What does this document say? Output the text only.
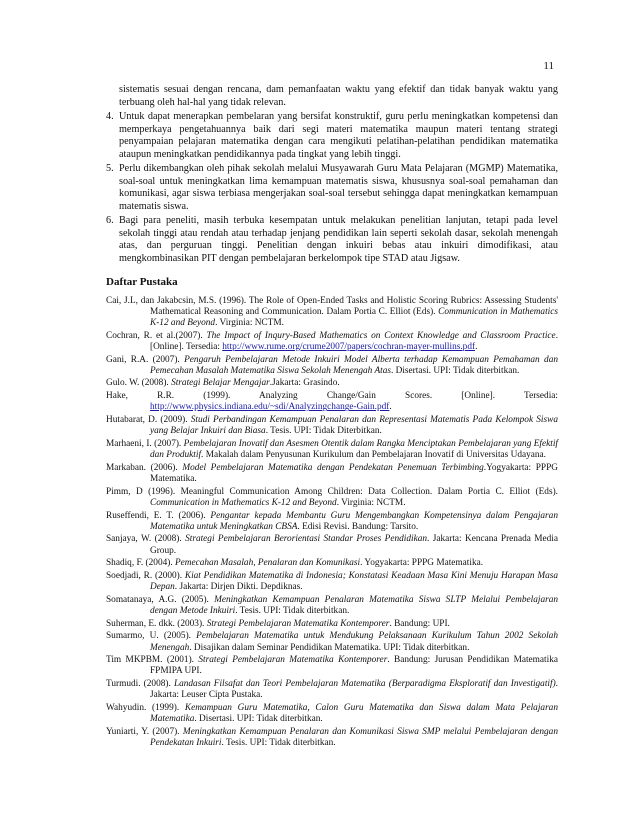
11

sistematis sesuai dengan rencana, dam pemanfaatan waktu yang efektif dan tidak banyak waktu yang terbuang oleh hal-hal yang tidak relevan.

4. Untuk dapat menerapkan pembelaran yang bersifat konstruktif, guru perlu meningkatkan kompetensi dan memperkaya pengetahuannya baik dari segi materi matematika maupun materi tentang strategi penyampaian pelajaran matematika dengan cara mengikuti pelatihan-pelatihan pendidikan matematika ataupun meningkatkan pendidikannya pada tingkat yang lebih tinggi.
5. Perlu dikembangkan oleh pihak sekolah melalui Musyawarah Guru Mata Pelajaran (MGMP) Matematika, soal-soal untuk meningkatkan lima kemampuan matematis siswa, khususnya soal-soal pemahaman dan komunikasi, agar siswa terbiasa mengerjakan soal-soal tersebut sehingga dapat meningkatkan kemampuan matematis siswa.
6. Bagi para peneliti, masih terbuka kesempatan untuk melakukan penelitian lanjutan, tetapi pada level sekolah tinggi atau rendah atau terhadap jenjang pendidikan lain seperti sekolah dasar, sekolah menengah atas, dan perguruan tinggi. Penelitian dengan inkuiri bebas atau inkuiri dimodifikasi, atau mengkombinasikan PIT dengan pembelajaran berkelompok tipe STAD atau Jigsaw.
Daftar Pustaka

Cai, J.L, dan Jakabcsin, M.S. (1996). The Role of Open-Ended Tasks and Holistic Scoring Rubrics: Assessing Students' Mathematical Reasoning and Communication. Dalam Portia C. Elliot (Eds). Communication in Mathematics K-12 and Beyond. Virginia: NCTM.

Cochran, R. et al.(2007). The Impact of Inqury-Based Mathematics on Context Knowledge and Classroom Practice.[Online]. Tersedia: http://www.rume.org/crume2007/papers/cochran-mayer-mullins.pdf.

Gani, R.A. (2007). Pengaruh Pembelajaran Metode Inkuiri Model Alberta terhadap Kemampuan Pemahaman dan Pemecahan Masalah Matematika Siswa Sekolah Menengah Atas. Disertasi. UPI: Tidak diterbitkan.

Gulo. W. (2008). Strategi Belajar Mengajar.Jakarta: Grasindo.

Hake, R.R. (1999). Analyzing Change/Gain Scores. [Online]. Tersedia: http://www.physics.indiana.edu/~sdi/Analyzingchange-Gain.pdf.

Hutabarat, D. (2009). Studi Perbandingan Kemampuan Penalaran dan Representasi Matematis Pada Kelompok Siswa yang Belajar Inkuiri dan Biasa. Tesis. UPI: Tidak Diterbitkan.

Marhaeni, I. (2007). Pembelajaran Inovatif dan Asesmen Otentik dalam Rangka Menciptakan Pembelajaran yang Efektif dan Produktif. Makalah dalam Penyusunan Kurikulum dan Pembelajaran Inovatif di Universitas Udayana.

Markaban. (2006). Model Pembelajaran Matematika dengan Pendekatan Penemuan Terbimbing.Yogyakarta: PPPG Matematika.

Pimm, D (1996). Meaningful Communication Among Children: Data Collection. Dalam Portia C. Elliot (Eds). Communication in Mathematics K-12 and Beyond. Virginia: NCTM.

Ruseffendi, E. T. (2006). Pengantar kepada Membantu Guru Mengembangkan Kompetensinya dalam Pengajaran Matematika untuk Meningkatkan CBSA. Edisi Revisi. Bandung: Tarsito.

Sanjaya, W. (2008). Strategi Pembelajaran Berorientasi Standar Proses Pendidikan. Jakarta: Kencana Prenada Media Group.

Shadiq, F. (2004). Pemecahan Masalah, Penalaran dan Komunikasi. Yogyakarta: PPPG Matematika.

Soedjadi, R. (2000). Kiat Pendidikan Matematika di Indonesia; Konstatasi Keadaan Masa Kini Menuju Harapan Masa Depan. Jakarta: Dirjen Dikti. Depdiknas.

Somatanaya, A.G. (2005). Meningkatkan Kemampuan Penalaran Matematika Siswa SLTP Melalui Pembelajaran dengan Metode Inkuiri. Tesis. UPI: Tidak diterbitkan.

Suherman, E. dkk. (2003). Strategi Pembelajaran Matematika Kontemporer. Bandung: UPI.

Sumarmo, U. (2005). Pembelajaran Matematika untuk Mendukung Pelaksanaan Kurikulum Tahun 2002 Sekolah Menengah. Disajikan dalam Seminar Pendidikan Matematika. UPI: Tidak diterbitkan.

Tim MKPBM. (2001). Strategi Pembelajaran Matematika Kontemporer. Bandung: Jurusan Pendidikan Matematika FPMIPA UPI.

Turmudi. (2008). Landasan Filsafat dan Teori Pembelajaran Matematika (Berparadigma Eksploratif dan Investigatif). Jakarta: Leuser Cipta Pustaka.

Wahyudin. (1999). Kemampuan Guru Matematika, Calon Guru Matematika dan Siswa dalam Mata Pelajaran Matematika. Disertasi. UPI: Tidak diterbitkan.

Yuniarti, Y. (2007). Meningkatkan Kemampuan Penalaran dan Komunikasi Siswa SMP melalui Pembelajaran dengan Pendekatan Inkuiri. Tesis. UPI: Tidak diterbitkan.
